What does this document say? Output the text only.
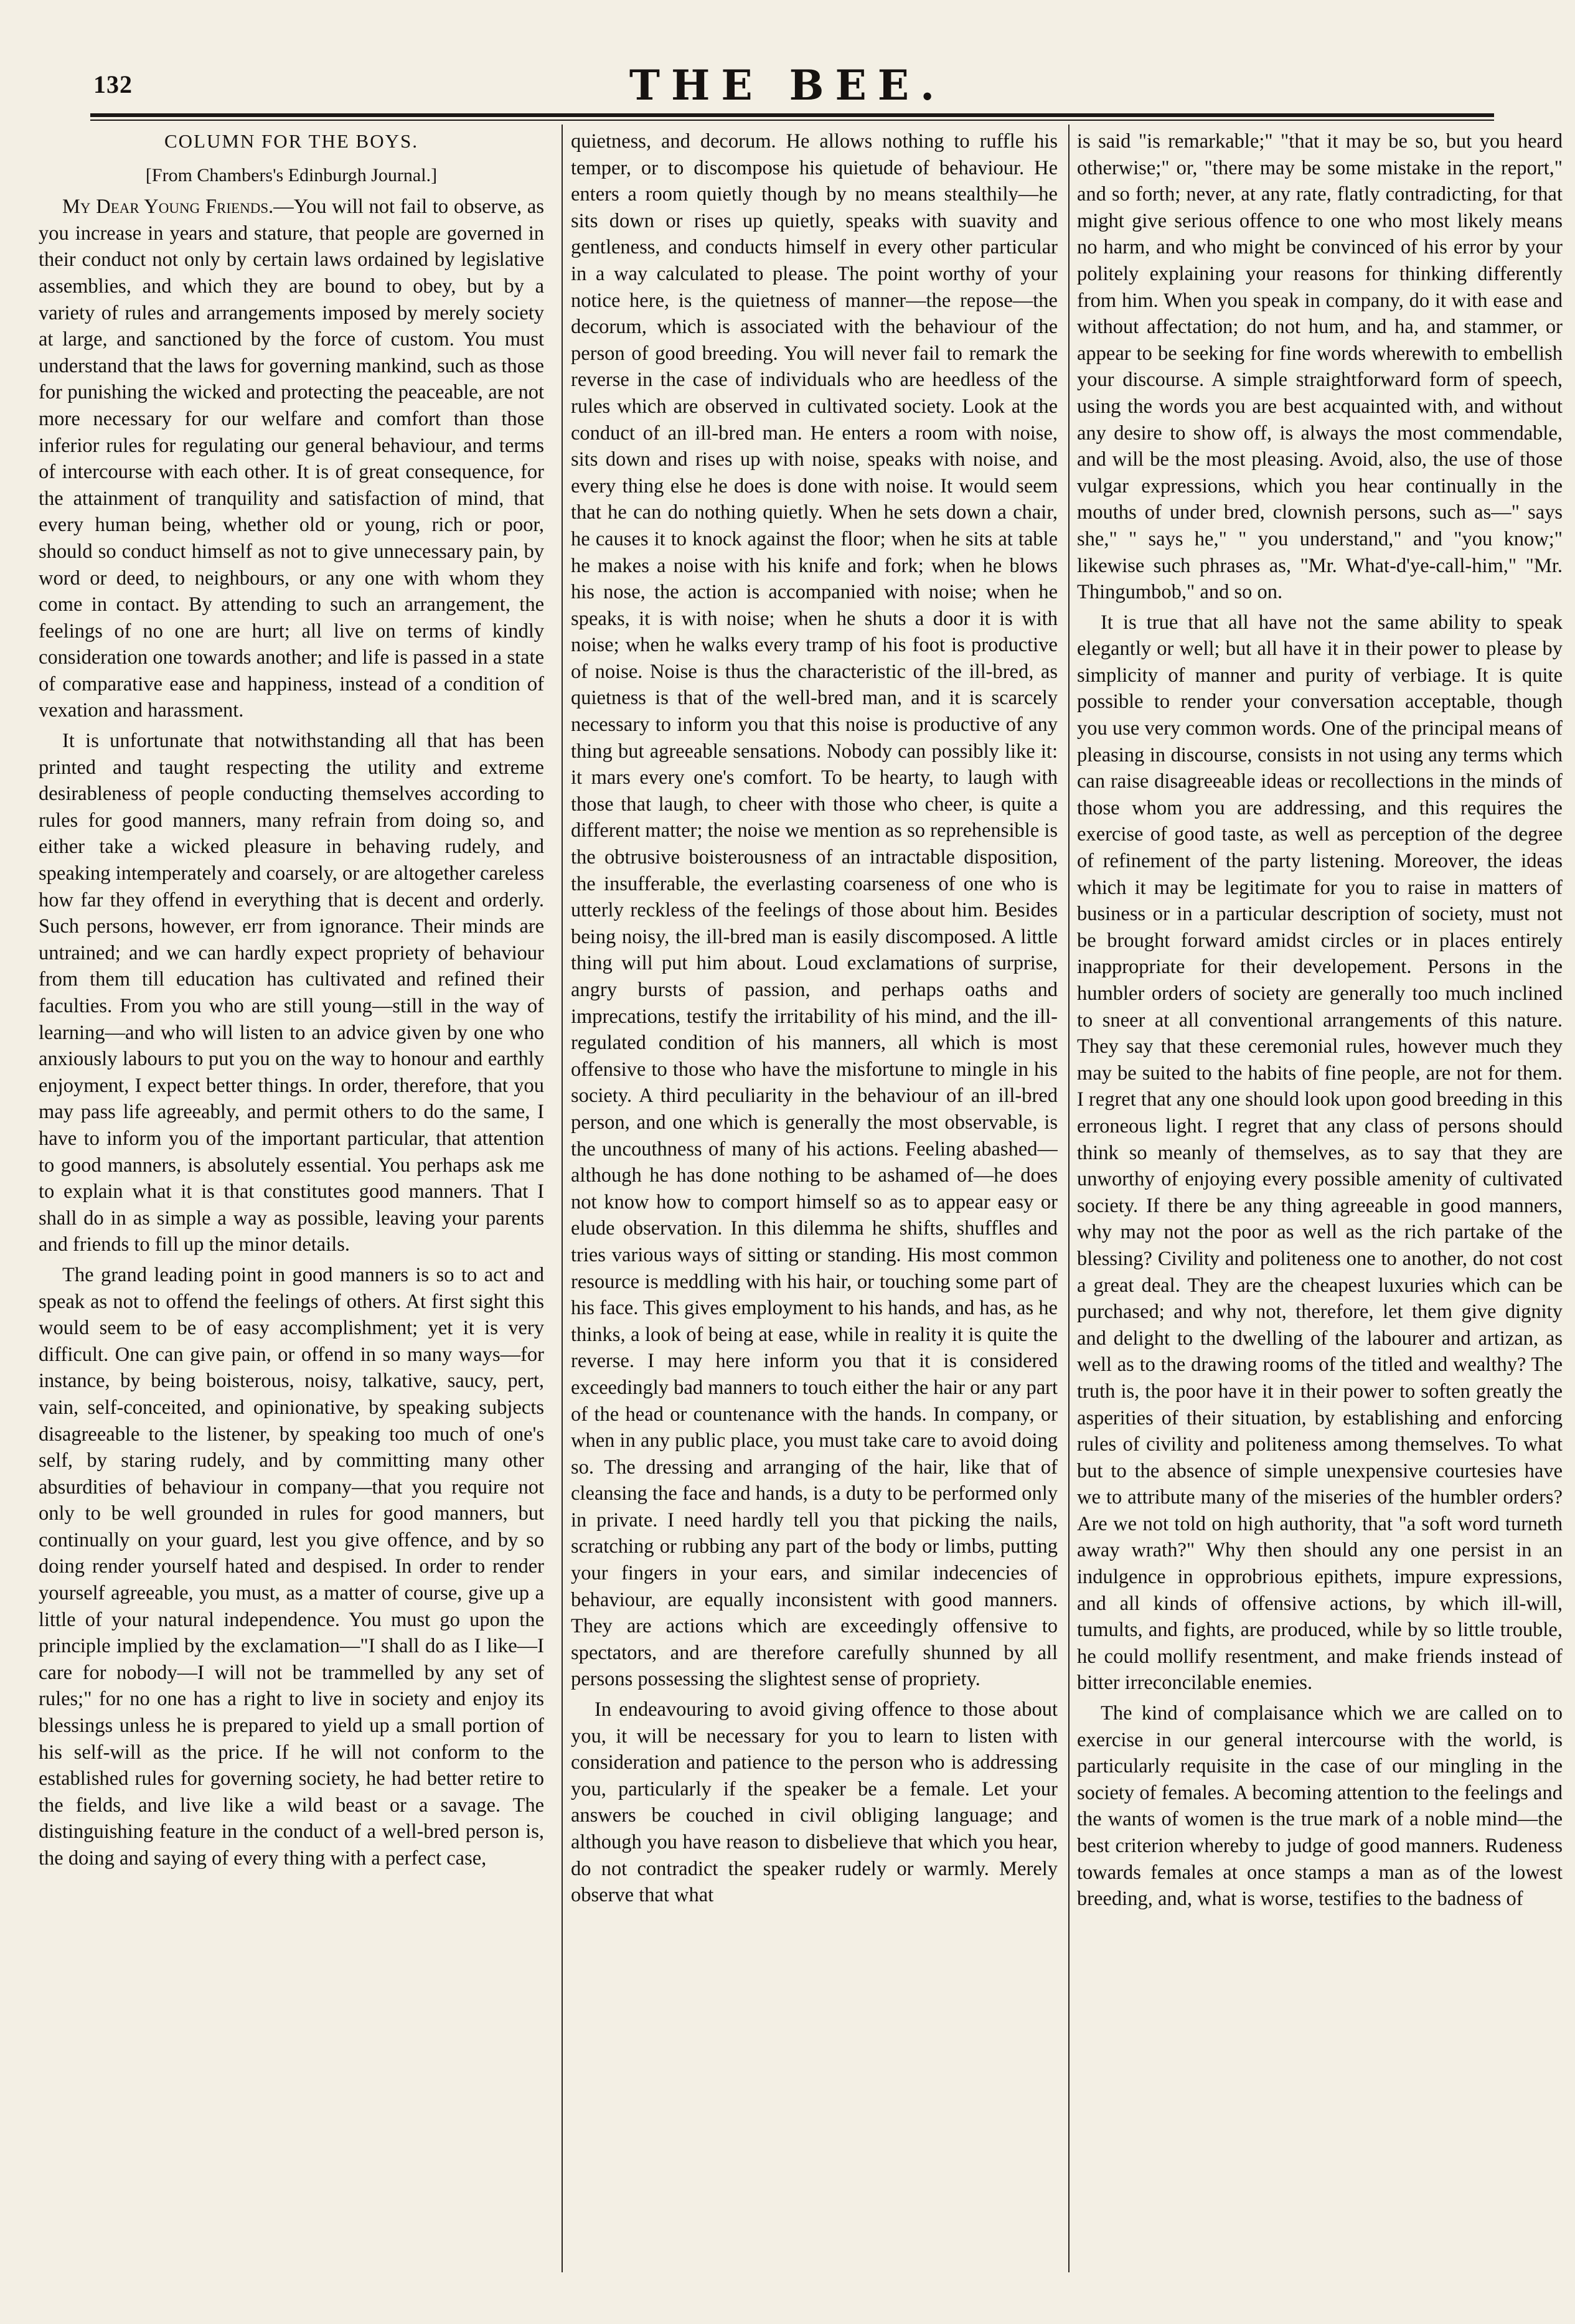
132	THE BEE.
COLUMN FOR THE BOYS.
[From Chambers's Edinburgh Journal.]

My Dear Young Friends.—You will not fail to observe, as you increase in years and stature, that people are governed in their conduct not only by certain laws ordained by legislative assemblies, and which they are bound to obey, but by a variety of rules and arrangements imposed by merely society at large, and sanctioned by the force of custom. You must understand that the laws for governing mankind, such as those for punishing the wicked and protecting the peaceable, are not more necessary for our welfare and comfort than those inferior rules for regulating our general behaviour, and terms of intercourse with each other. It is of great consequence, for the attainment of tranquility and satisfaction of mind, that every human being, whether old or young, rich or poor, should so conduct himself as not to give unnecessary pain, by word or deed, to neighbours, or any one with whom they come in contact. By attending to such an arrangement, the feelings of no one are hurt; all live on terms of kindly consideration one towards another; and life is passed in a state of comparative ease and happiness, instead of a condition of vexation and harassment.

It is unfortunate that notwithstanding all that has been printed and taught respecting the utility and extreme desirableness of people conducting themselves according to rules for good manners, many refrain from doing so, and either take a wicked pleasure in behaving rudely, and speaking intemperately and coarsely, or are altogether careless how far they offend in everything that is decent and orderly. Such persons, however, err from ignorance. Their minds are untrained; and we can hardly expect propriety of behaviour from them till education has cultivated and refined their faculties. From you who are still young—still in the way of learning—and who will listen to an advice given by one who anxiously labours to put you on the way to honour and earthly enjoyment, I expect better things. In order, therefore, that you may pass life agreeably, and permit others to do the same, I have to inform you of the important particular, that attention to good manners, is absolutely essential. You perhaps ask me to explain what it is that constitutes good manners. That I shall do in as simple a way as possible, leaving your parents and friends to fill up the minor details.

The grand leading point in good manners is so to act and speak as not to offend the feelings of others. At first sight this would seem to be of easy accomplishment; yet it is very difficult. One can give pain, or offend in so many ways—for instance, by being boisterous, noisy, talkative, saucy, pert, vain, self-conceited, and opinionative, by speaking subjects disagreeable to the listener, by speaking too much of one's self, by staring rudely, and by committing many other absurdities of behaviour in company—that you require not only to be well grounded in rules for good manners, but continually on your guard, lest you give offence, and by so doing render yourself hated and despised. In order to render yourself agreeable, you must, as a matter of course, give up a little of your natural independence. You must go upon the principle implied by the exclamation—"I shall do as I like—I care for nobody—I will not be trammelled by any set of rules;" for no one has a right to live in society and enjoy its blessings unless he is prepared to yield up a small portion of his self-will as the price. If he will not conform to the established rules for governing society, he had better retire to the fields, and live like a wild beast or a savage. The distinguishing feature in the conduct of a well-bred person is, the doing and saying of every thing with a perfect case,

quietness, and decorum. He allows nothing to ruffle his temper, or to discompose his quietude of behaviour. He enters a room quietly though by no means stealthily—he sits down or rises up quietly, speaks with suavity and gentleness, and conducts himself in every other particular in a way calculated to please. The point worthy of your notice here, is the quietness of manner—the repose—the decorum, which is associated with the behaviour of the person of good breeding. You will never fail to remark the reverse in the case of individuals who are heedless of the rules which are observed in cultivated society. Look at the conduct of an ill-bred man. He enters a room with noise, sits down and rises up with noise, speaks with noise, and every thing else he does is done with noise. It would seem that he can do nothing quietly. When he sets down a chair, he causes it to knock against the floor; when he sits at table he makes a noise with his knife and fork; when he blows his nose, the action is accompanied with noise; when he speaks, it is with noise; when he shuts a door it is with noise; when he walks every tramp of his foot is productive of noise. Noise is thus the characteristic of the ill-bred, as quietness is that of the well-bred man, and it is scarcely necessary to inform you that this noise is productive of any thing but agreeable sensations. Nobody can possibly like it: it mars every one's comfort. To be hearty, to laugh with those that laugh, to cheer with those who cheer, is quite a different matter; the noise we mention as so reprehensible is the obtrusive boisterousness of an intractable disposition, the insufferable, the everlasting coarseness of one who is utterly reckless of the feelings of those about him. Besides being noisy, the ill-bred man is easily discomposed. A little thing will put him about. Loud exclamations of surprise, angry bursts of passion, and perhaps oaths and imprecations, testify the irritability of his mind, and the ill-regulated condition of his manners, all which is most offensive to those who have the misfortune to mingle in his society. A third peculiarity in the behaviour of an ill-bred person, and one which is generally the most observable, is the uncouthness of many of his actions. Feeling abashed—although he has done nothing to be ashamed of—he does not know how to comport himself so as to appear easy or elude observation. In this dilemma he shifts, shuffles and tries various ways of sitting or standing. His most common resource is meddling with his hair, or touching some part of his face. This gives employment to his hands, and has, as he thinks, a look of being at ease, while in reality it is quite the reverse. I may here inform you that it is considered exceedingly bad manners to touch either the hair or any part of the head or countenance with the hands. In company, or when in any public place, you must take care to avoid doing so. The dressing and arranging of the hair, like that of cleansing the face and hands, is a duty to be performed only in private. I need hardly tell you that picking the nails, scratching or rubbing any part of the body or limbs, putting your fingers in your ears, and similar indecencies of behaviour, are equally inconsistent with good manners. They are actions which are exceedingly offensive to spectators, and are therefore carefully shunned by all persons possessing the slightest sense of propriety.

In endeavouring to avoid giving offence to those about you, it will be necessary for you to learn to listen with consideration and patience to the person who is addressing you, particularly if the speaker be a female. Let your answers be couched in civil obliging language; and although you have reason to disbelieve that which you hear, do not contradict the speaker rudely or warmly. Merely observe that what

is said "is remarkable;" "that it may be so, but you heard otherwise;" or, "there may be some mistake in the report," and so forth; never, at any rate, flatly contradicting, for that might give serious offence to one who most likely means no harm, and who might be convinced of his error by your politely explaining your reasons for thinking differently from him. When you speak in company, do it with ease and without affectation; do not hum, and ha, and stammer, or appear to be seeking for fine words wherewith to embellish your discourse. A simple straightforward form of speech, using the words you are best acquainted with, and without any desire to show off, is always the most commendable, and will be the most pleasing. Avoid, also, the use of those vulgar expressions, which you hear continually in the mouths of under bred, clownish persons, such as—" says she," " says he," " you understand," and "you know;" likewise such phrases as, "Mr. What-d'ye-call-him," "Mr. Thingumbob," and so on.

It is true that all have not the same ability to speak elegantly or well; but all have it in their power to please by simplicity of manner and purity of verbiage. It is quite possible to render your conversation acceptable, though you use very common words. One of the principal means of pleasing in discourse, consists in not using any terms which can raise disagreeable ideas or recollections in the minds of those whom you are addressing, and this requires the exercise of good taste, as well as perception of the degree of refinement of the party listening. Moreover, the ideas which it may be legitimate for you to raise in matters of business or in a particular description of society, must not be brought forward amidst circles or in places entirely inappropriate for their developement. Persons in the humbler orders of society are generally too much inclined to sneer at all conventional arrangements of this nature. They say that these ceremonial rules, however much they may be suited to the habits of fine people, are not for them. I regret that any one should look upon good breeding in this erroneous light. I regret that any class of persons should think so meanly of themselves, as to say that they are unworthy of enjoying every possible amenity of cultivated society. If there be any thing agreeable in good manners, why may not the poor as well as the rich partake of the blessing? Civility and politeness one to another, do not cost a great deal. They are the cheapest luxuries which can be purchased; and why not, therefore, let them give dignity and delight to the dwelling of the labourer and artizan, as well as to the drawing rooms of the titled and wealthy? The truth is, the poor have it in their power to soften greatly the asperities of their situation, by establishing and enforcing rules of civility and politeness among themselves. To what but to the absence of simple unexpensive courtesies have we to attribute many of the miseries of the humbler orders? Are we not told on high authority, that "a soft word turneth away wrath?" Why then should any one persist in an indulgence in opprobrious epithets, impure expressions, and all kinds of offensive actions, by which ill-will, tumults, and fights, are produced, while by so little trouble, he could mollify resentment, and make friends instead of bitter irreconcilable enemies.

The kind of complaisance which we are called on to exercise in our general intercourse with the world, is particularly requisite in the case of our mingling in the society of females. A becoming attention to the feelings and the wants of women is the true mark of a noble mind—the best criterion whereby to judge of good manners. Rudeness towards females at once stamps a man as of the lowest breeding, and, what is worse, testifies to the badness of
